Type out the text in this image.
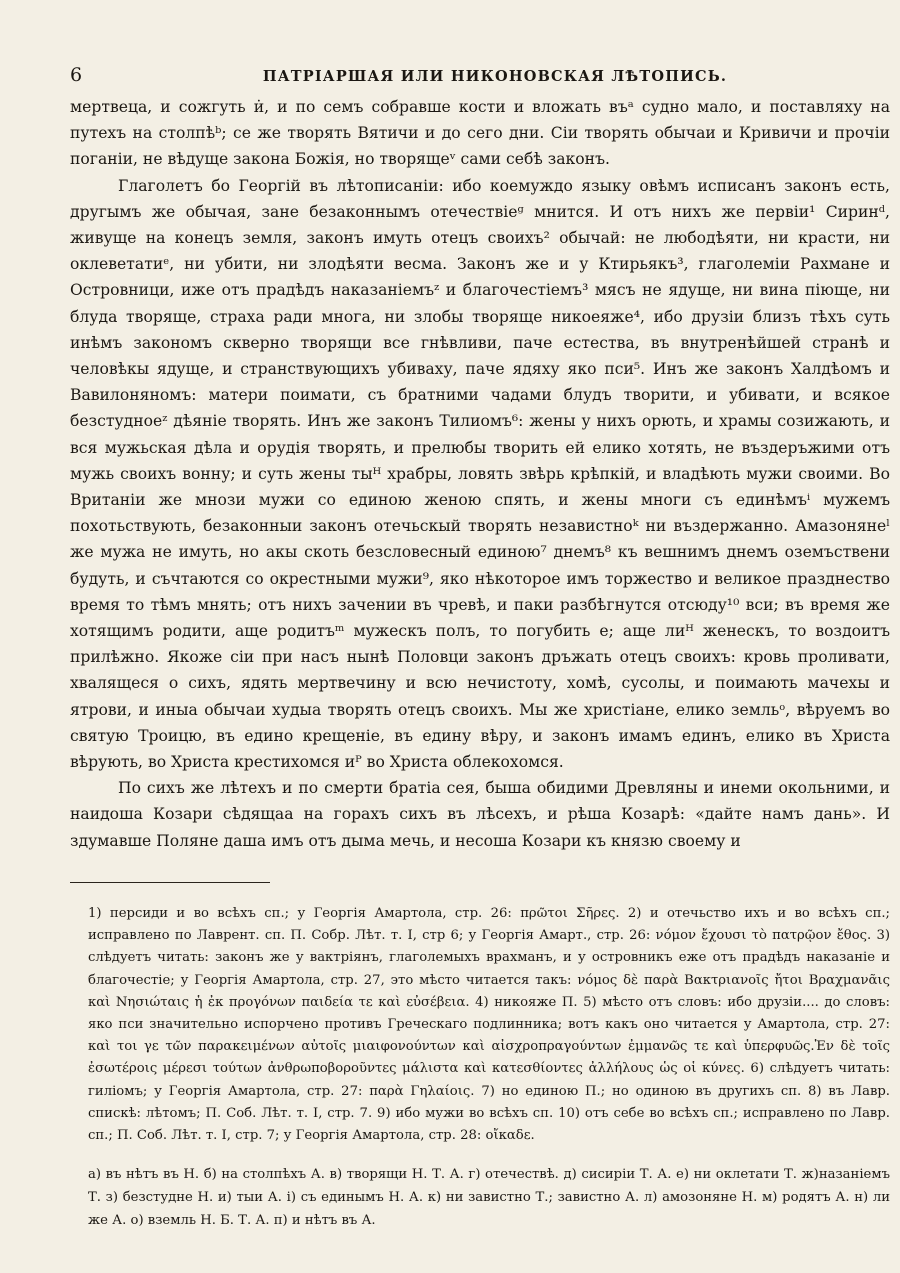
6	ПАТРІАРШАЯ ИЛИ НИКОНОВСКАЯ ЛѢТОПИСЬ.

мертвеца, и сожгуть и̇, и по семъ собравше кости и вложать въᵃ судно мало, и поставляху на путехъ на столпѣᵇ; се же творять Вятичи и до сего дни. Сіи творять обычаи и Кривичи и прочіи поганіи, не вѣдуще закона Божія, но творящеᵛ сами себѣ законъ.

Глаголетъ бо Георгій въ лѣтописаніи: ибо коемуждо языку овѣмъ исписанъ законъ есть, другымъ же обычая, зане безаконнымъ отечествіеᵍ мнится. И отъ нихъ же первіи¹ Сиринᵈ, живуще на конецъ земля, законъ имуть отецъ своихъ² обычай: не любодѣяти, ни красти, ни оклеветатиᵉ, ни убити, ни злодѣяти весма. Законъ же и у Ктирьякъ³, глаголеміи Рахмане и Островници, иже отъ прадѣдъ наказаніемъᶻ и благочестіемъ³ мясъ не ядуще, ни вина піюще, ни блуда творяще, страха ради многа, ни злобы творяще никоеяже⁴, ибо друзіи близъ тѣхъ суть инѣмъ закономъ скверно творящи все гнѣвливи, паче естества, въ внутренѣйшей странѣ и человѣкы ядуще, и странствующихъ убиваху, паче ядяху яко пси⁵. Инъ же законъ Халдѣомъ и Вавилоняномъ: матери поимати, съ братними чадами блудъ творити, и убивати, и всякое безстудноеᶻ дѣяніе творять. Инъ же законъ Тилиомъ⁶: жены у нихъ орють, и храмы созижають, и вся мужьская дѣла и орудія творять, и прелюбы творить ей елико хотять, не въздеръжими отъ мужь своихъ вонну; и суть жены тыᴴ храбры, ловять звѣрь крѣпкій, и владѣють мужи своими. Во Вританіи же мнози мужи со единою женою спять, и жены многи съ единѣмъⁱ мужемъ похотьствують, безаконныи законъ отечьскый творять независтноᵏ ни въздержанно. Амазонянеˡ же мужа не имуть, но акы скоть безсловесный единою⁷ днемъ⁸ къ вешнимъ днемъ оземъствени будуть, и съчтаются со окрестными мужи⁹, яко нѣкоторое имъ торжество и великое празднество время то тѣмъ мнять; отъ нихъ зачении въ чревѣ, и паки разбѣгнутся отсюду¹⁰ вси; въ время же хотящимъ родити, аще родитъᵐ мужескъ полъ, то погубить е; аще лиᴴ женескъ, то воздоитъ прилѣжно. Якоже сіи при насъ нынѣ Половци законъ дръжать отецъ своихъ: кровь проливати, хвалящеся о сихъ, ядять мертвечину и всю нечистоту, хомѣ, сусолы, и поимають мачехы и ятрови, и иныа обычаи худыа творять отецъ своихъ. Мы же христіане, елико земльᵒ, вѣруемъ во святую Троицю, въ едино крещеніе, въ едину вѣру, и законъ имамъ единъ, елико въ Христа вѣрують, во Христа крестихомся иᴾ во Христа облекохомся.

По сихъ же лѣтехъ и по смерти братіа сея, быша обидими Древляны и инеми окольними, и наидоша Козари сѣдящаа на горахъ сихъ въ лѣсехъ, и рѣша Козарѣ: «дайте намъ дань». И здумавше Поляне даша имъ отъ дыма мечь, и несоша Козари къ князю своему и

1) персиди и во всѣхъ сп.; у Георгія Амартола, стр. 26: πρῶτοι Σῆρες. 2) и отечьство ихъ и во всѣхъ сп.; исправлено по Лаврент. сп. П. Собр. Лѣт. т. I, стр 6; у Георгія Амарт., стр. 26: νόμον ἔχουσι τὸ πατρῷον ἔθος. 3) слѣдуетъ читать: законъ же у вактріянъ, глаголемыхъ врахманъ, и у островникъ еже отъ прадѣдъ наказаніе и благочестіе; у Георгія Амартола, стр. 27, это мѣсто читается такъ: νόμος δὲ παρὰ Βακτριανοῖς ἤτοι Βραχμανᾶις καὶ Νησιώταις ἡ ἐκ προγόνων παιδεία τε καὶ εὐσέβεια. 4) никояже П. 5) мѣсто отъ словъ: ибо друзіи.... до словъ: яко пси значительно испорчено противъ Греческаго подлинника; вотъ какъ оно читается у Амартола, стр. 27: καὶ τοι γε τῶν παρακειμένων αὐτοῖς μιαιφονούντων καὶ αἰσχροπραγούντων ἐμμανῶς τε καὶ ὑπερφυῶς.Ἐν δὲ τοῖς ἐσωτέροις μέρεσι τούτων ἀνθρωποβοροῦντες μάλιστα καὶ κατεσθίοντες ἀλλήλους ὡς οἱ κύνες. 6) слѣдуетъ читать: гиліомъ; у Георгія Амартола, стр. 27: παρὰ Γηλαίοις. 7) но единою П.; но одиною въ другихъ сп. 8) въ Лавр. спискѣ: лѣтомъ; П. Соб. Лѣт. т. I, стр. 7. 9) ибо мужи во всѣхъ сп. 10) отъ себе во всѣхъ сп.; исправлено по Лавр. сп.; П. Соб. Лѣт. т. I, стр. 7; у Георгія Амартола, стр. 28: οἴκαδε.
а) въ нѣтъ въ Н. б) на столпѣхъ А. в) творящи Н. Т. А. г) отечествѣ. д) сисиріи Т. А. е) ни оклетати Т. ж)назаніемъ Т. з) безстудне Н. и) тыи А. і) съ единымъ Н. А. к) ни завистно Т.; завистно А. л) амозоняне Н. м) родятъ А. н) ли же А. о) вземль Н. Б. Т. А. п) и нѣтъ въ А.
